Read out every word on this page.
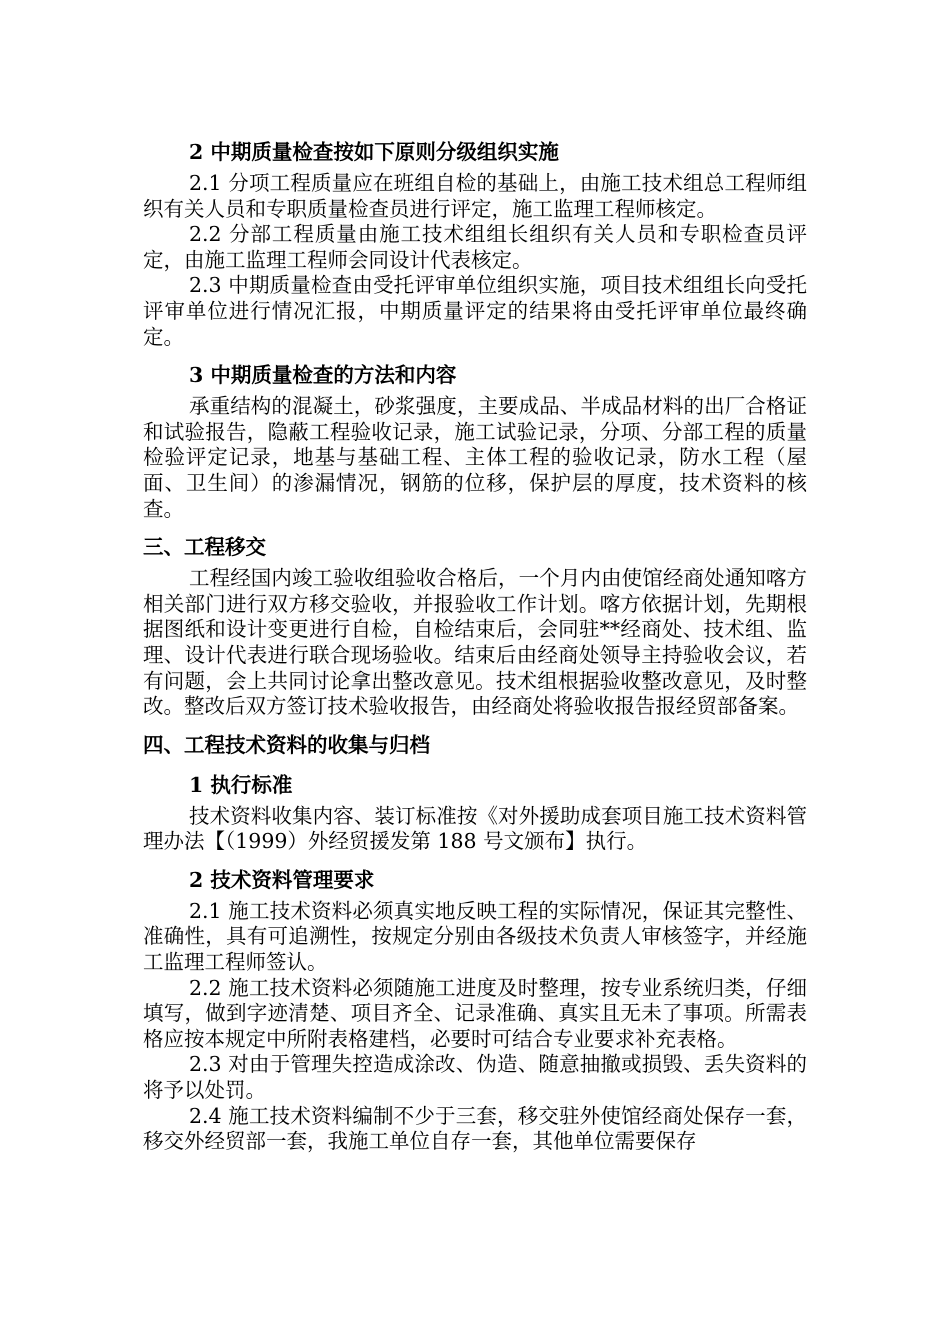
2 中期质量检查按如下原则分级组织实施

2.1 分项工程质量应在班组自检的基础上，由施工技术组总工程师组织有关人员和专职质量检查员进行评定，施工监理工程师核定。

2.2 分部工程质量由施工技术组组长组织有关人员和专职检查员评定，由施工监理工程师会同设计代表核定。

2.3 中期质量检查由受托评审单位组织实施，项目技术组组长向受托评审单位进行情况汇报，中期质量评定的结果将由受托评审单位最终确定。

3 中期质量检查的方法和内容

承重结构的混凝土，砂浆强度，主要成品、半成品材料的出厂合格证和试验报告，隐蔽工程验收记录，施工试验记录，分项、分部工程的质量检验评定记录，地基与基础工程、主体工程的验收记录，防水工程（屋面、卫生间）的渗漏情况，钢筋的位移，保护层的厚度，技术资料的核查。

三、工程移交

工程经国内竣工验收组验收合格后，一个月内由使馆经商处通知喀方相关部门进行双方移交验收，并报验收工作计划。喀方依据计划，先期根据图纸和设计变更进行自检，自检结束后，会同驻**经商处、技术组、监理、设计代表进行联合现场验收。结束后由经商处领导主持验收会议，若有问题，会上共同讨论拿出整改意见。技术组根据验收整改意见，及时整改。整改后双方签订技术验收报告，由经商处将验收报告报经贸部备案。

四、工程技术资料的收集与归档
1 执行标准

技术资料收集内容、装订标准按《对外援助成套项目施工技术资料管理办法【（1999）外经贸援发第 188 号文颁布】执行。

2 技术资料管理要求

2.1 施工技术资料必须真实地反映工程的实际情况，保证其完整性、准确性，具有可追溯性，按规定分别由各级技术负责人审核签字，并经施工监理工程师签认。

2.2 施工技术资料必须随施工进度及时整理，按专业系统归类，仔细填写，做到字迹清楚、项目齐全、记录准确、真实且无未了事项。所需表格应按本规定中所附表格建档，必要时可结合专业要求补充表格。

2.3 对由于管理失控造成涂改、伪造、随意抽撤或损毁、丢失资料的将予以处罚。

2.4 施工技术资料编制不少于三套，移交驻外使馆经商处保存一套，移交外经贸部一套，我施工单位自存一套，其他单位需要保存
